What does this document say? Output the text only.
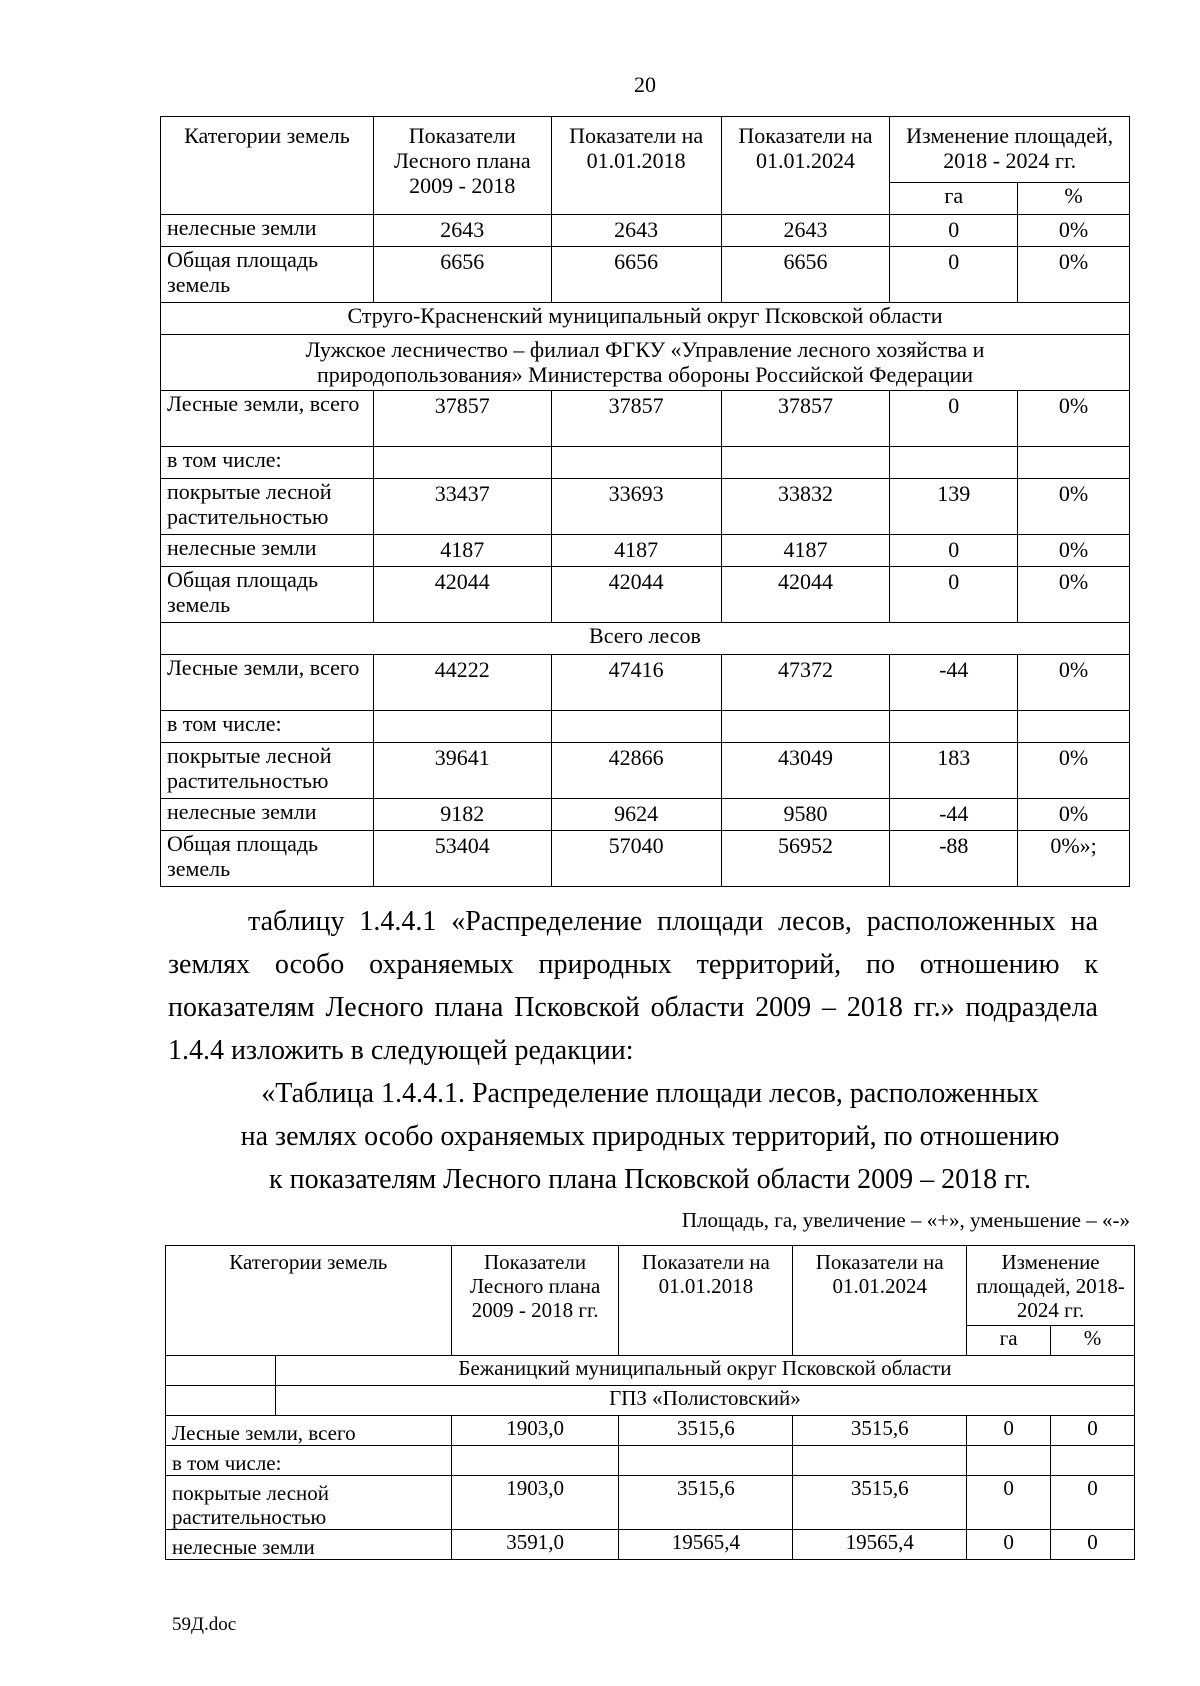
20
Категории земель	Показатели Лесного плана 2009 - 2018	Показатели на 01.01.2018	Показатели на 01.01.2024	Изменение площадей, 2018 - 2024 гг.	
				га	%
нелесные земли	2643	2643	2643	0	0%
Общая площадь земель	6656	6656	6656	0	0%
Струго-Красненский муниципальный округ Псковской области					
Лужское лесничество – филиал ФГКУ «Управление лесного хозяйства и природопользования» Министерства обороны Российской Федерации					
Лесные земли, всего	37857	37857	37857	0	0%
в том числе:					
покрытые лесной растительностью	33437	33693	33832	139	0%
нелесные земли	4187	4187	4187	0	0%
Общая площадь земель	42044	42044	42044	0	0%
Всего лесов					
Лесные земли, всего	44222	47416	47372	-44	0%
в том числе:					
покрытые лесной растительностью	39641	42866	43049	183	0%
нелесные земли	9182	9624	9580	-44	0%
Общая площадь земель	53404	57040	56952	-88	0%»;
таблицу 1.4.4.1 «Распределение площади лесов, расположенных на землях особо охраняемых природных территорий, по отношению к показателям Лесного плана Псковской области 2009 – 2018 гг.» подраздела 1.4.4 изложить в следующей редакции:
«Таблица 1.4.4.1. Распределение площади лесов, расположенных
на землях особо охраняемых природных территорий, по отношению
к показателям Лесного плана Псковской области 2009 – 2018 гг.
Площадь, га, увеличение – «+», уменьшение – «-»
Категории земель		Показатели Лесного плана 2009 - 2018 гг.	Показатели на 01.01.2018	Показатели на 01.01.2024	Изменение площадей, 2018-2024 гг.	
					га	%
	Бежаницкий муниципальный округ Псковской области					
	ГПЗ «Полистовский»					
Лесные земли, всего		1903,0	3515,6	3515,6	0	0
в том числе:						
покрытые лесной растительностью		1903,0	3515,6	3515,6	0	0
нелесные земли		3591,0	19565,4	19565,4	0	0
59Д.doc
